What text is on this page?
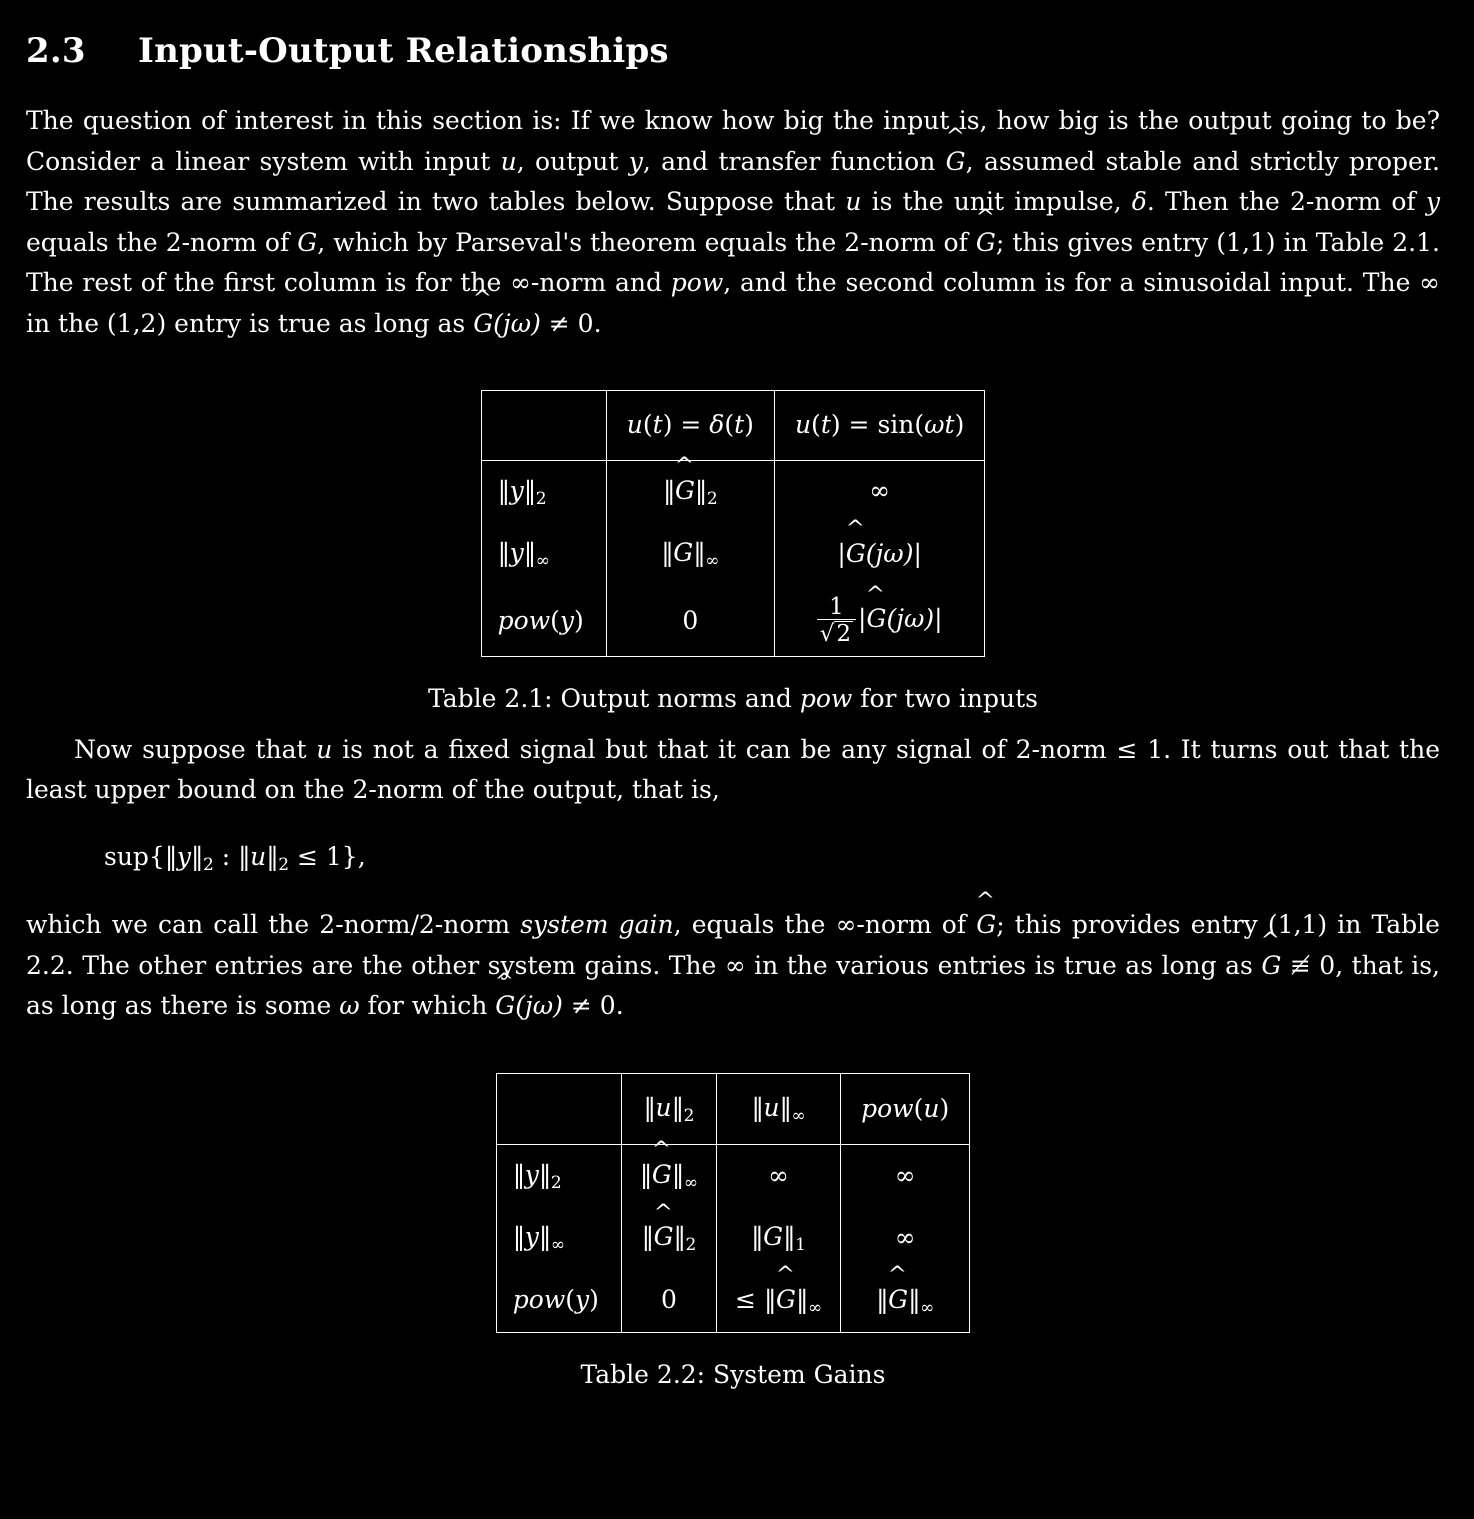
2.3 Input-Output Relationships

The question of interest in this section is: If we know how big the input is, how big is the output going to be? Consider a linear system with input u, output y, and transfer function G ^, assumed stable and strictly proper. The results are summarized in two tables below. Suppose that u is the unit impulse, δ. Then the 2-norm of y equals the 2-norm of G, which by Parseval's theorem equals the 2-norm of G ^; this gives entry (1,1) in Table 2.1. The rest of the first column is for the ∞-norm and pow, and the second column is for a sinusoidal input. The ∞ in the (1,2) entry is true as long as G ^(jω) ≠ 0.

	u(t) = δ(t)	u(t) = sin(ωt)
$‖y‖_2$	‖G $\^{}‖_2$	∞
$‖y‖_\infty$	$‖G‖_\infty$	|G ^(jω)|
pow(y)	0	$\frac{1}{√2} |G$ ^(jω)|
Table 2.1: Output norms and pow for two inputs

Now suppose that u is not a fixed signal but that it can be any signal of 2-norm ≤ 1. It turns out that the least upper bound on the 2-norm of the output, that is,

$sup\{‖y‖_2$ : $‖u‖_2 \le 1$},

which we can call the 2-norm/2-norm system gain, equals the ∞-norm of G ^; this provides entry (1,1) in Table 2.2. The other entries are the other system gains. The ∞ in the various entries is true as long as G ^ ≢ 0, that is, as long as there is some ω for which G ^(jω) ≠ 0.

	$‖u‖_2$	$‖u‖_\infty$	pow(u)
$‖y‖_2$	‖G $\^{}‖_\infty$	∞	∞
$‖y‖_\infty$	‖G $\^{}‖_2$	$‖G‖_1$	∞
pow(y)	0	≤ ‖G $\^{}‖_\infty$	‖G $\^{}‖_\infty$
Table 2.2: System Gains
